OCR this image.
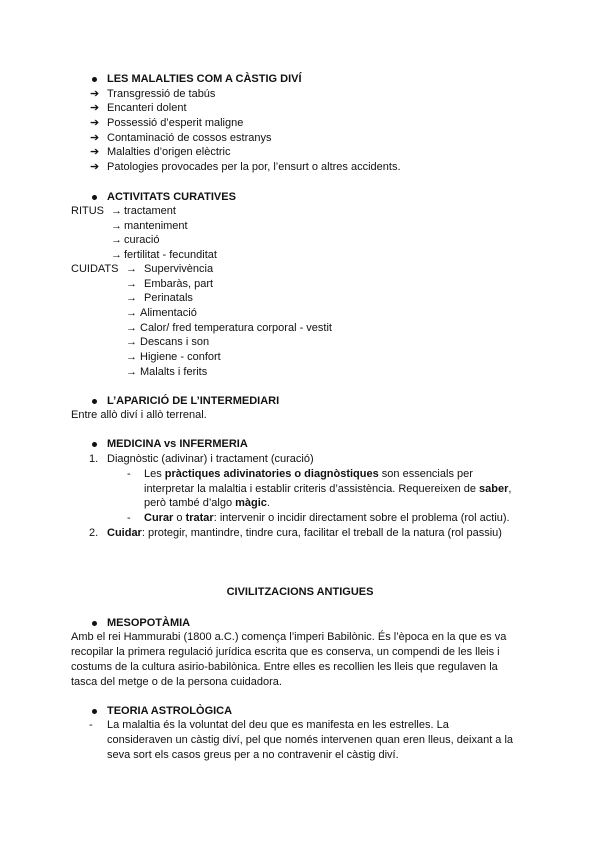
LES MALALTIES COM A CÀSTIG DIVÍ
➔ Transgressió de tabús
➔ Encanteri dolent
➔ Possessió d’esperit maligne
➔ Contaminació de cossos estranys
➔ Malalties d’origen elèctric
➔ Patologies provocades per la por, l’ensurt o altres accidents.
ACTIVITATS CURATIVES
RITUS → tractament
→ manteniment
→ curació
→ fertilitat - fecunditat
CUIDATS → Supervivència
→ Embaràs, part
→ Perinatals
→ Alimentació
→ Calor/ fred temperatura corporal - vestit
→ Descans i son
→ Higiene - confort
→ Malalts i ferits
L’APARICIÓ DE L’INTERMEDIARI
Entre allò diví i allò terrenal.
MEDICINA vs INFERMERIA
1. Diagnòstic (adivinar) i tractament (curació)
- Les pràctiques adivinatories o diagnòstiques son essencials per
interpretar la malaltia i establir criteris d’assistència. Requereixen de saber,
però també d’algo màgic.
- Curar o tratar: intervenir o incidir directament sobre el problema (rol actiu).
2. Cuidar: protegir, mantindre, tindre cura, facilitar el treball de la natura (rol passiu)
CIVILITZACIONS ANTIGUES
MESOPOTÀMIA
Amb el rei Hammurabi (1800 a.C.) comença l’imperi Babilònic. És l’època en la que es va
recopilar la primera regulació jurídica escrita que es conserva, un compendi de les lleis i
costums de la cultura asirio-babilònica. Entre elles es recollien les lleis que regulaven la
tasca del metge o de la persona cuidadora.
TEORIA ASTROLÒGICA
- La malaltia és la voluntat del deu que es manifesta en les estrelles. La
consideraven un càstig diví, pel que només intervenen quan eren lleus, deixant a la
seva sort els casos greus per a no contravenir el càstig diví.
